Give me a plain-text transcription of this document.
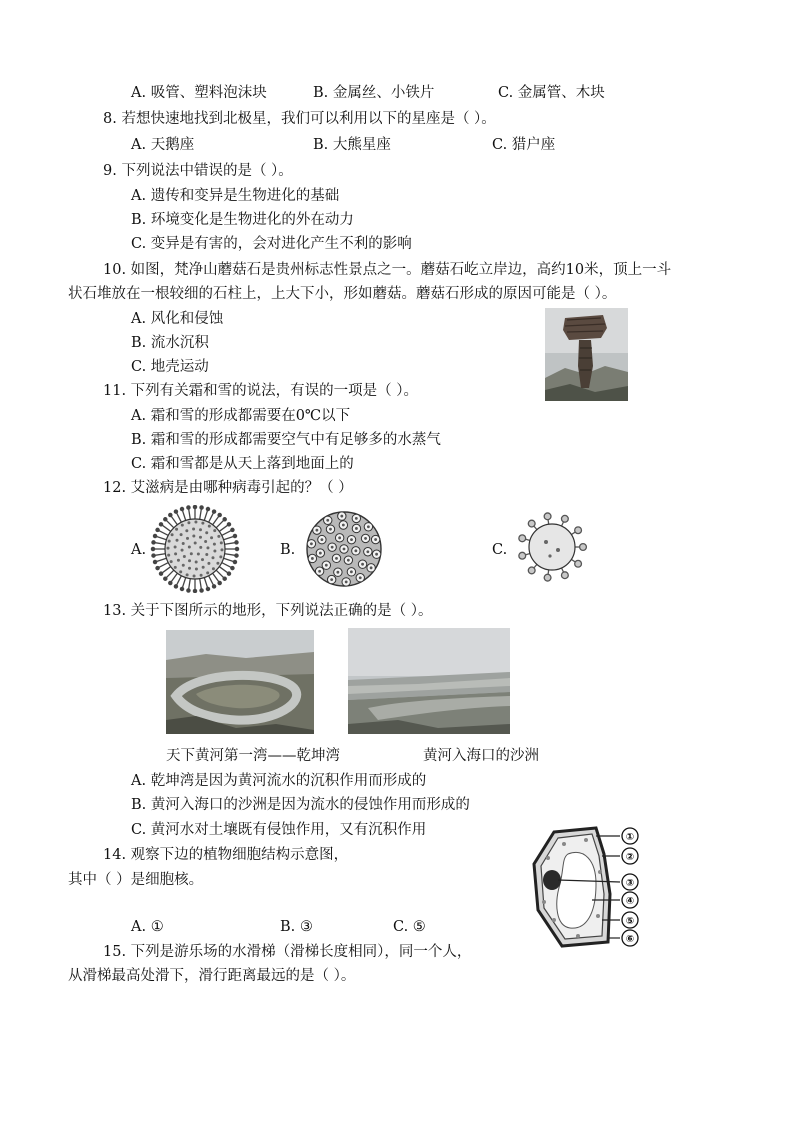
A. 吸管、塑料泡沫块	B. 金属丝、小铁片	C. 金属管、木块
8. 若想快速地找到北极星，我们可以利用以下的星座是（ ）。
A. 天鹅座	B. 大熊星座	C. 猎户座
9. 下列说法中错误的是（ ）。
A. 遗传和变异是生物进化的基础
B. 环境变化是生物进化的外在动力
C. 变异是有害的，会对进化产生不利的影响
10. 如图，梵净山蘑菇石是贵州标志性景点之一。蘑菇石屹立岸边，高约10米，顶上一斗
状石堆放在一根较细的石柱上，上大下小，形如蘑菇。蘑菇石形成的原因可能是（ ）。
A. 风化和侵蚀
B. 流水沉积
C. 地壳运动
11. 下列有关霜和雪的说法，有误的一项是（ ）。
A. 霜和雪的形成都需要在0℃以下
B. 霜和雪的形成都需要空气中有足够多的水蒸气
C. 霜和雪都是从天上落到地面上的
12. 艾滋病是由哪种病毒引起的？（ ）
A.	B.	C.
13. 关于下图所示的地形，下列说法正确的是（ ）。
天下黄河第一湾——乾坤湾	黄河入海口的沙洲
A. 乾坤湾是因为黄河流水的沉积作用而形成的
B. 黄河入海口的沙洲是因为流水的侵蚀作用而形成的
C. 黄河水对土壤既有侵蚀作用，又有沉积作用
14. 观察下边的植物细胞结构示意图，
其中（ ）是细胞核。
A. ①	B. ③	C. ⑤
①
②
③
④
⑤
⑥
15. 下列是游乐场的水滑梯（滑梯长度相同），同一个人，
从滑梯最高处滑下，滑行距离最远的是（ ）。
